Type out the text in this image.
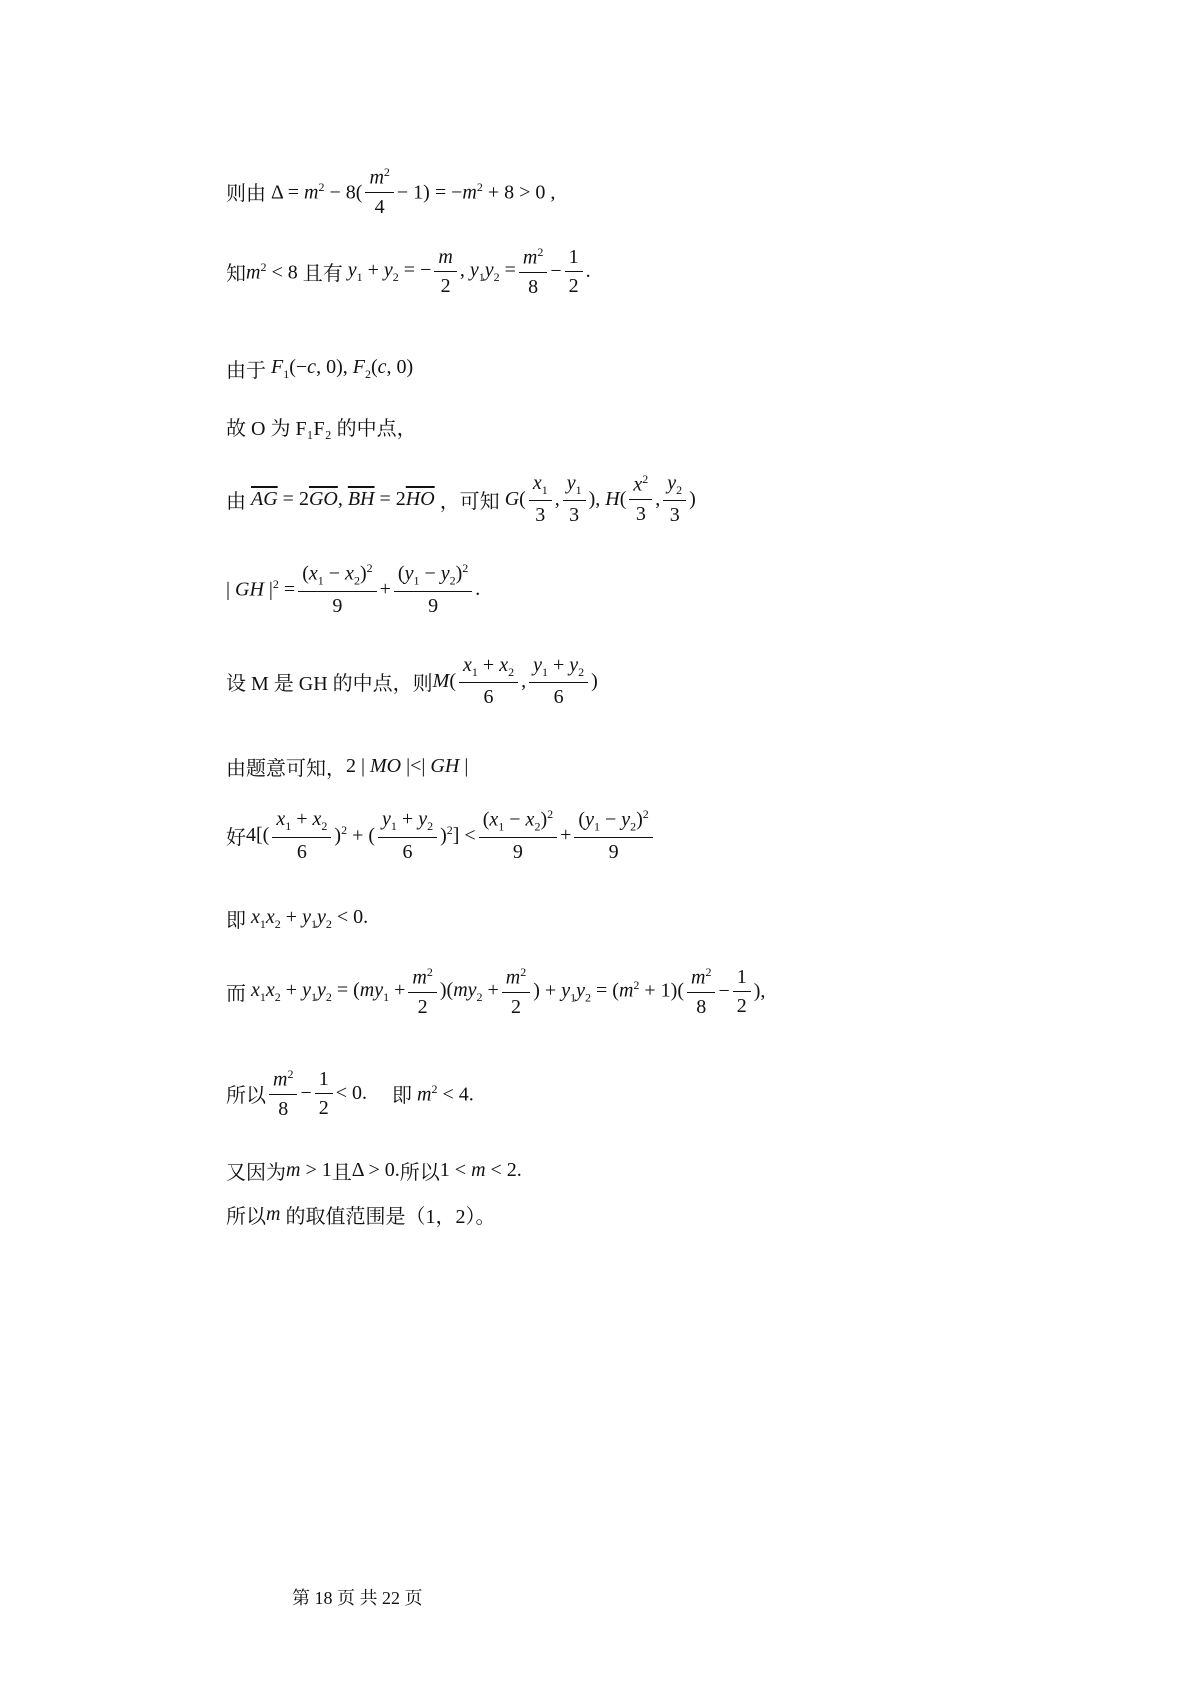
则由 $\Delta = m^2 - 8( \frac{m^2}{4} - 1) = -m^2 + 8 > 0$ ,
知 $m^2 < 8$ 且有 $y_1 + y_2$ = − $\frac{m}{2}$ , $y_1y_2 = \frac{m^2}{8} - \frac{1}{2}$ .
由于 $F_1(-c$, 0), $F_2(c$, 0)
故 O 为 F₁F₂ 的中点，
由 $\overline{AG} = 2\overline{GO}$, $\overline{BH} = 2\overline{HO}$ ，可知 $G( \frac{x_1}{3}$ , $\frac{y_1}{3}$ ), $H( \frac{x^2}{3}$ , $\frac{y_2}{3}$ )
| GH $|^2 = \frac{(x_1 - x_2)^2}{9} + \frac{(y_1 - y_2)^2}{9}$ .
设 M 是 GH 的中点，则 $M( \frac{x_1 + x_2}{6}$ , $\frac{y_1 + y_2}{6}$ )
由题意可知， 2 | MO |<| GH |
好 $4[( \frac{x_1 + x_2}{6} )^2$ + ( $\frac{y_1 + y_2}{6} )^2] < \frac{(x_1 - x_2)^2}{9} + \frac{(y_1 - y_2)^2}{9}$
即 $x_1x_2 + y_1y_2 < 0$.
而 $x_1x_2 + y_1y_2 = (my_1 + \frac{m^2}{2} )(my_2 + \frac{m^2}{2}$ ) + $y_1y_2 = (m^2 + 1)( \frac{m^2}{8} - \frac{1}{2}$ ),
所以 $\frac{m^2}{8} - \frac{1}{2} < 0$. 即 $m^2 < 4$.
又因为 m > 1 且 Δ > 0. 所以 1 < m < 2.
所以 m 的取值范围是（1，2）。
第 18 页 共 22 页
